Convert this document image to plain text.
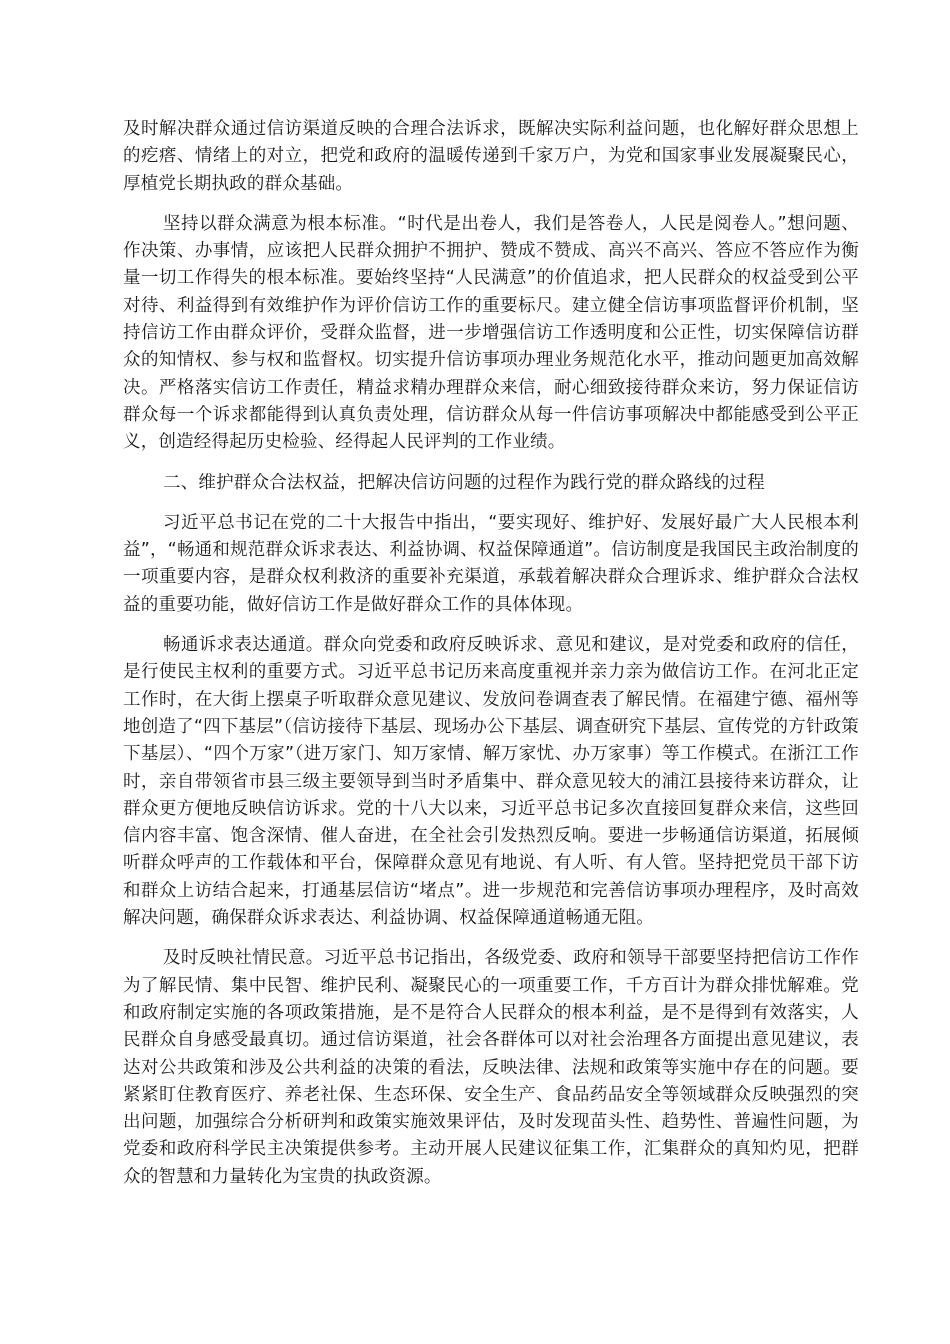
及时解决群众通过信访渠道反映的合理合法诉求，既解决实际利益问题，也化解好群众思想上的疙瘩、情绪上的对立，把党和政府的温暖传递到千家万户，为党和国家事业发展凝聚民心，厚植党长期执政的群众基础。

坚持以群众满意为根本标准。“时代是出卷人，我们是答卷人，人民是阅卷人。”想问题、作决策、办事情，应该把人民群众拥护不拥护、赞成不赞成、高兴不高兴、答应不答应作为衡量一切工作得失的根本标准。要始终坚持“人民满意”的价值追求，把人民群众的权益受到公平对待、利益得到有效维护作为评价信访工作的重要标尺。建立健全信访事项监督评价机制，坚持信访工作由群众评价，受群众监督，进一步增强信访工作透明度和公正性，切实保障信访群众的知情权、参与权和监督权。切实提升信访事项办理业务规范化水平，推动问题更加高效解决。严格落实信访工作责任，精益求精办理群众来信，耐心细致接待群众来访，努力保证信访群众每一个诉求都能得到认真负责处理，信访群众从每一件信访事项解决中都能感受到公平正义，创造经得起历史检验、经得起人民评判的工作业绩。

二、维护群众合法权益，把解决信访问题的过程作为践行党的群众路线的过程

习近平总书记在党的二十大报告中指出，“要实现好、维护好、发展好最广大人民根本利益”，“畅通和规范群众诉求表达、利益协调、权益保障通道”。信访制度是我国民主政治制度的一项重要内容，是群众权利救济的重要补充渠道，承载着解决群众合理诉求、维护群众合法权益的重要功能，做好信访工作是做好群众工作的具体体现。

畅通诉求表达通道。群众向党委和政府反映诉求、意见和建议，是对党委和政府的信任，是行使民主权利的重要方式。习近平总书记历来高度重视并亲力亲为做信访工作。在河北正定工作时，在大街上摆桌子听取群众意见建议、发放问卷调查表了解民情。在福建宁德、福州等地创造了“四下基层”（信访接待下基层、现场办公下基层、调查研究下基层、宣传党的方针政策下基层）、“四个万家”（进万家门、知万家情、解万家忧、办万家事）等工作模式。在浙江工作时，亲自带领省市县三级主要领导到当时矛盾集中、群众意见较大的浦江县接待来访群众，让群众更方便地反映信访诉求。党的十八大以来，习近平总书记多次直接回复群众来信，这些回信内容丰富、饱含深情、催人奋进，在全社会引发热烈反响。要进一步畅通信访渠道，拓展倾听群众呼声的工作载体和平台，保障群众意见有地说、有人听、有人管。坚持把党员干部下访和群众上访结合起来，打通基层信访“堵点”。进一步规范和完善信访事项办理程序，及时高效解决问题，确保群众诉求表达、利益协调、权益保障通道畅通无阻。

及时反映社情民意。习近平总书记指出，各级党委、政府和领导干部要坚持把信访工作作为了解民情、集中民智、维护民利、凝聚民心的一项重要工作，千方百计为群众排忧解难。党和政府制定实施的各项政策措施，是不是符合人民群众的根本利益，是不是得到有效落实，人民群众自身感受最真切。通过信访渠道，社会各群体可以对社会治理各方面提出意见建议，表达对公共政策和涉及公共利益的决策的看法，反映法律、法规和政策等实施中存在的问题。要紧紧盯住教育医疗、养老社保、生态环保、安全生产、食品药品安全等领域群众反映强烈的突出问题，加强综合分析研判和政策实施效果评估，及时发现苗头性、趋势性、普遍性问题，为党委和政府科学民主决策提供参考。主动开展人民建议征集工作，汇集群众的真知灼见，把群众的智慧和力量转化为宝贵的执政资源。
